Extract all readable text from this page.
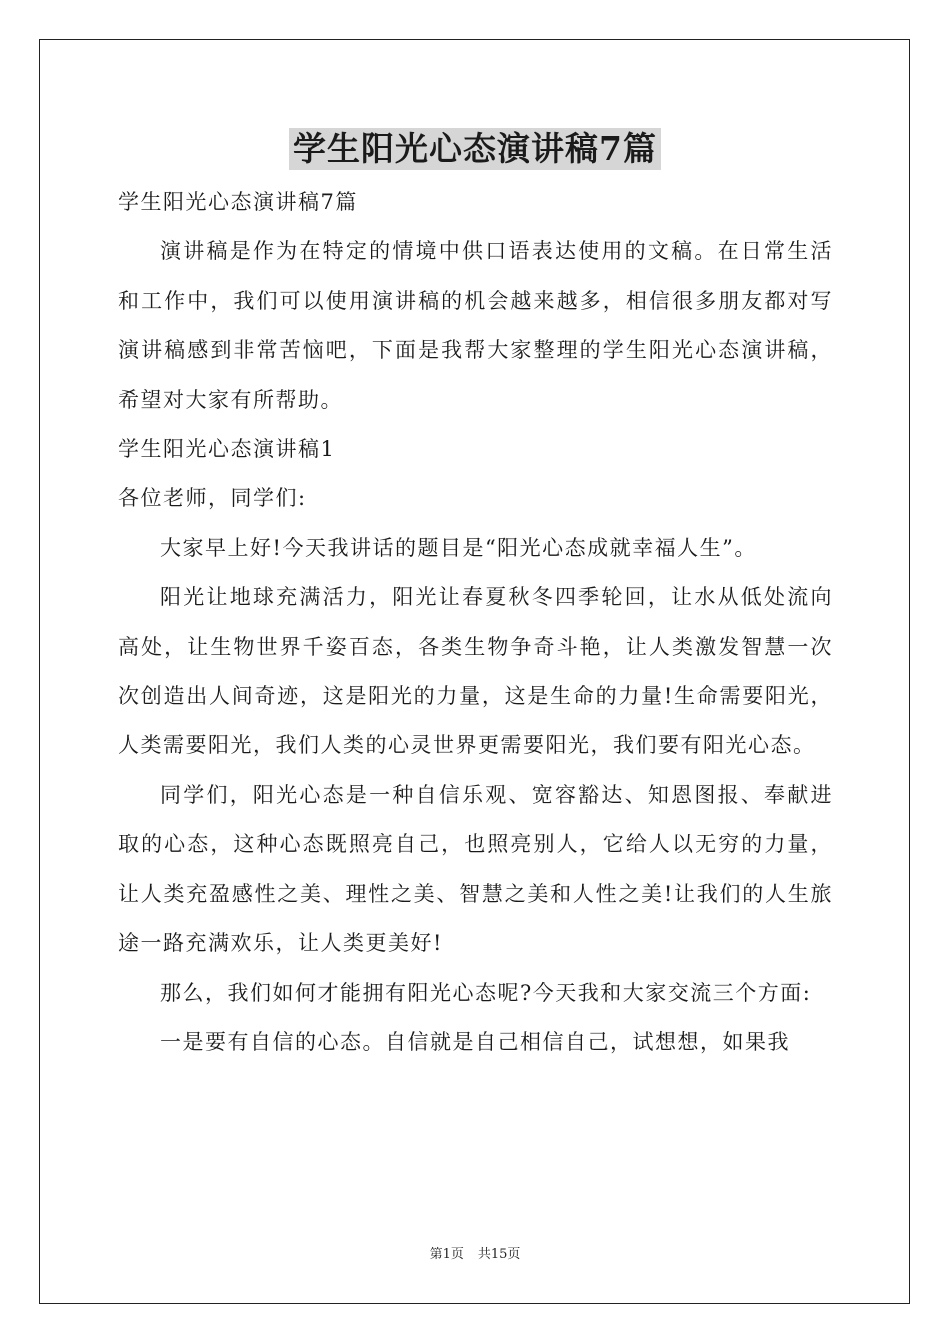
学生阳光心态演讲稿7篇

学生阳光心态演讲稿7篇

演讲稿是作为在特定的情境中供口语表达使用的文稿。在日常生活和工作中，我们可以使用演讲稿的机会越来越多，相信很多朋友都对写演讲稿感到非常苦恼吧，下面是我帮大家整理的学生阳光心态演讲稿，希望对大家有所帮助。

学生阳光心态演讲稿1

各位老师，同学们:

大家早上好!今天我讲话的题目是“阳光心态成就幸福人生”。

阳光让地球充满活力，阳光让春夏秋冬四季轮回，让水从低处流向高处，让生物世界千姿百态，各类生物争奇斗艳，让人类激发智慧一次次创造出人间奇迹，这是阳光的力量，这是生命的力量!生命需要阳光，人类需要阳光，我们人类的心灵世界更需要阳光，我们要有阳光心态。

同学们，阳光心态是一种自信乐观、宽容豁达、知恩图报、奉献进取的心态，这种心态既照亮自己，也照亮别人，它给人以无穷的力量，让人类充盈感性之美、理性之美、智慧之美和人性之美!让我们的人生旅途一路充满欢乐，让人类更美好!

那么，我们如何才能拥有阳光心态呢?今天我和大家交流三个方面:

一是要有自信的心态。自信就是自己相信自己，试想想，如果我

第1页 共15页
